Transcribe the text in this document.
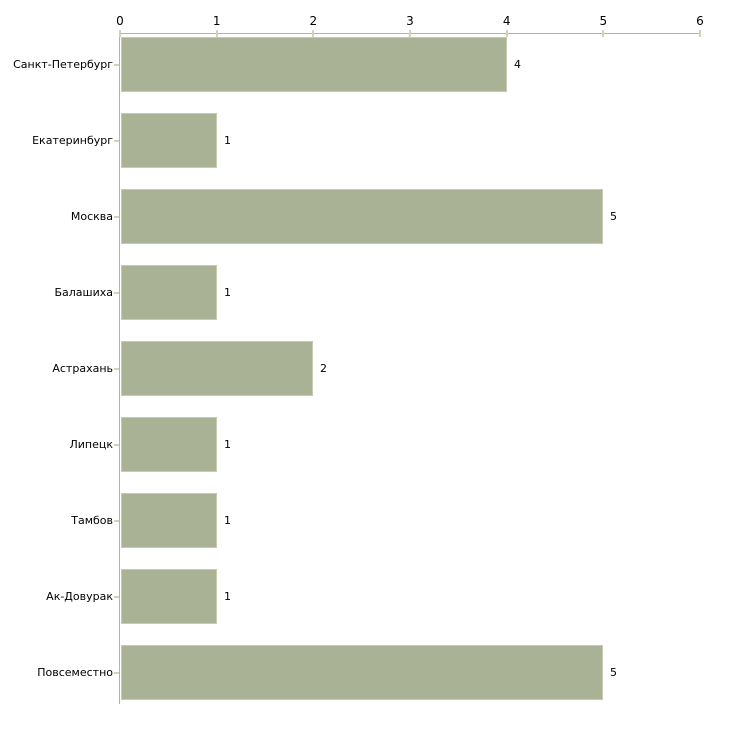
0	1	2	3	4	5	6
Санкт-Петербург	4
Екатеринбург	1
Москва	5
Балашиха	1
Астрахань	2
Липецк	1
Тамбов	1
Ак-Довурак	1
Повсеместно	5
